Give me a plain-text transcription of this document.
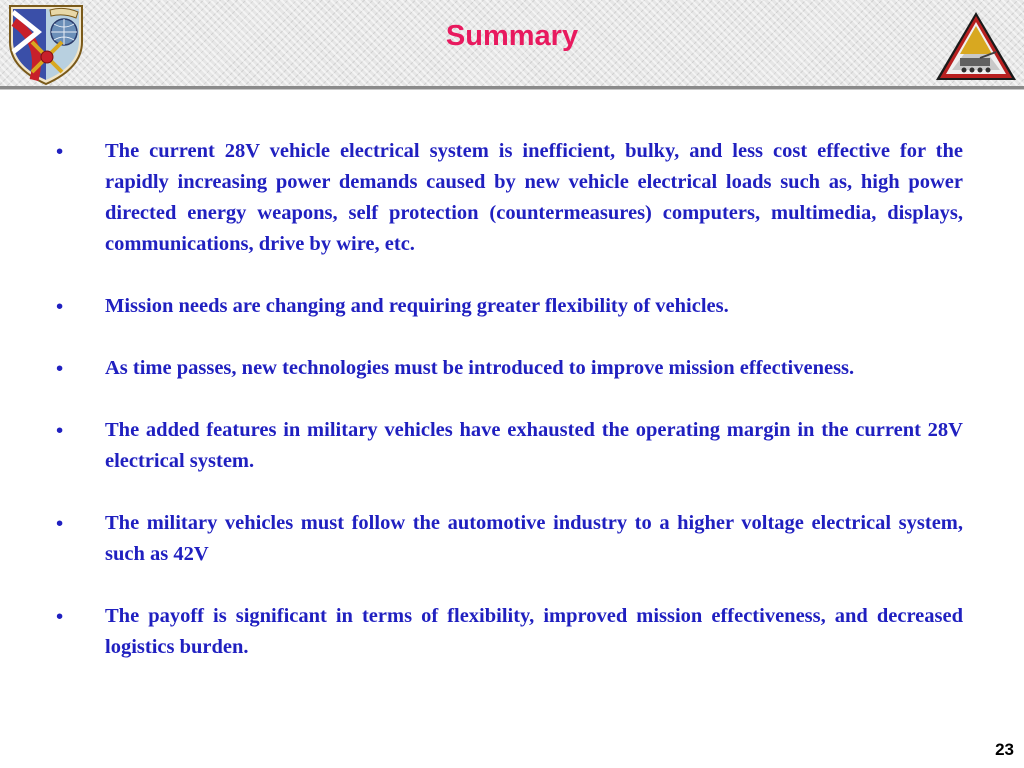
Summary
• The current 28V vehicle electrical system is inefficient, bulky, and less cost effective for the rapidly increasing power demands caused by new vehicle electrical loads such as, high power directed energy weapons, self protection (countermeasures) computers, multimedia, displays, communications, drive by wire, etc.
• Mission needs are changing and requiring greater flexibility of vehicles.
• As time passes, new technologies must be introduced to improve mission effectiveness.
• The added features in military vehicles have exhausted the operating margin in the current 28V electrical system.
• The military vehicles must follow the automotive industry to a higher voltage electrical system, such as 42V
• The payoff is significant in terms of flexibility, improved mission effectiveness, and decreased logistics burden.
23
